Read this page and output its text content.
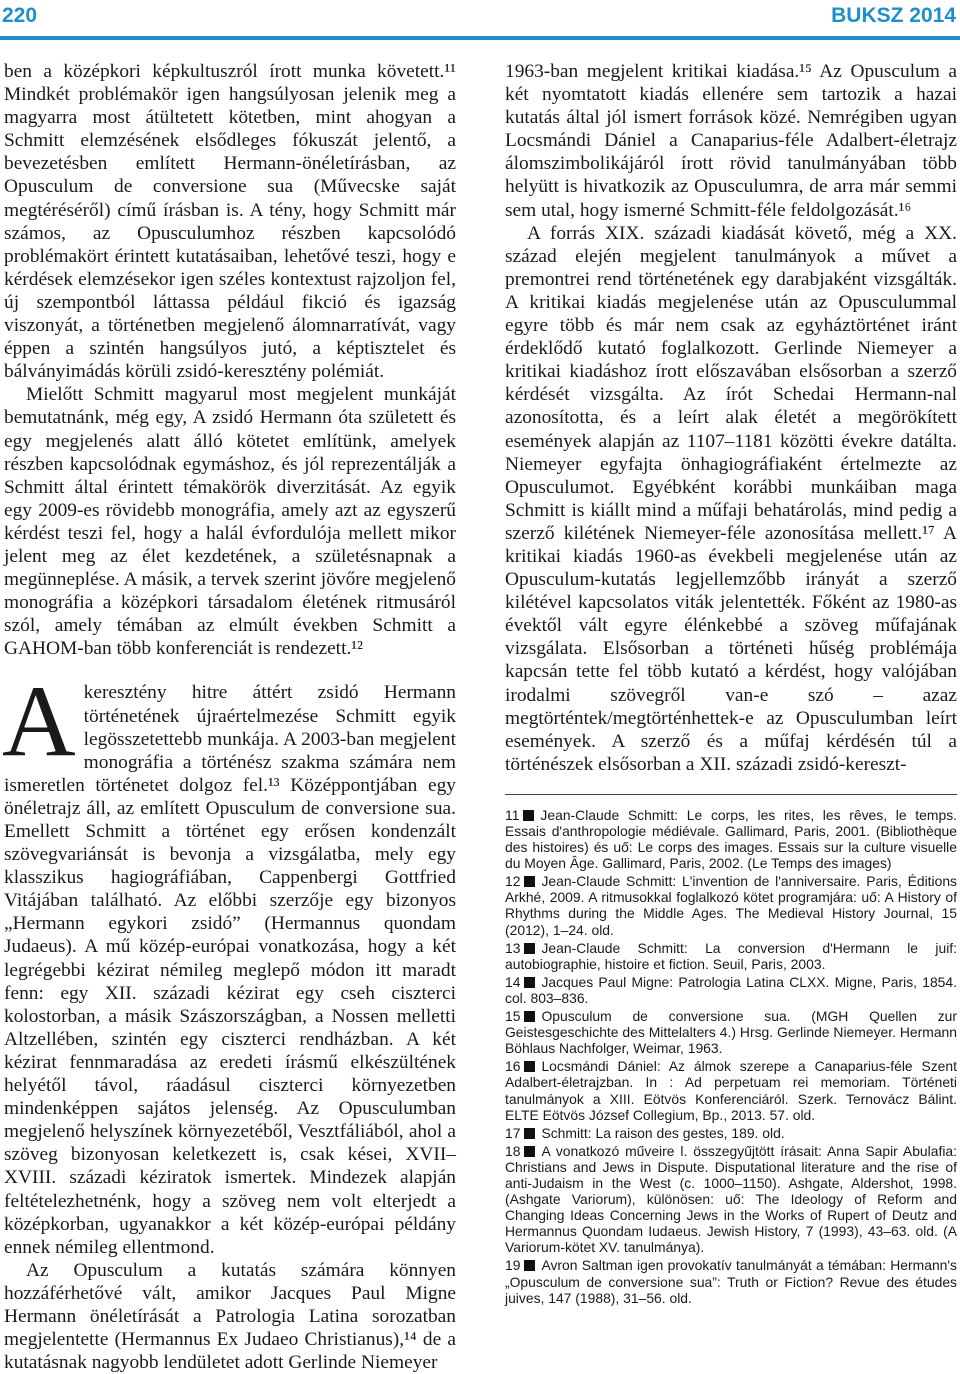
220	BUKSZ 2014

ben a középkori képkultuszról írott munka követett.¹¹ Mindkét problémakör igen hangsúlyosan jelenik meg a magyarra most átültetett kötetben, mint ahogyan a Schmitt elemzésének elsődleges fókuszát jelentő, a bevezetésben említett Hermann-önéletírásban, az Opusculum de conversione sua (Művecske saját megtéréséről) című írásban is. A tény, hogy Schmitt már számos, az Opusculumhoz részben kapcsolódó problémakört érintett kutatásaiban, lehetővé teszi, hogy e kérdések elemzésekor igen széles kontextust rajzoljon fel, új szempontból láttassa például fikció és igazság viszonyát, a történetben megjelenő álomnarratívát, vagy éppen a szintén hangsúlyos jutó, a képtisztelet és bálványimádás körüli zsidó-keresztény polémiát.

Mielőtt Schmitt magyarul most megjelent munkáját bemutatnánk, még egy, A zsidó Hermann óta született és egy megjelenés alatt álló kötetet említünk, amelyek részben kapcsolódnak egymáshoz, és jól reprezentálják a Schmitt által érintett témakörök diverzitását. Az egyik egy 2009-es rövidebb monográfia, amely azt az egyszerű kérdést teszi fel, hogy a halál évfordulója mellett mikor jelent meg az élet kezdetének, a születésnapnak a megünneplése. A másik, a tervek szerint jövőre megjelenő monográfia a középkori társadalom életének ritmusáról szól, amely témában az elmúlt években Schmitt a GAHOM-ban több konferenciát is rendezett.¹²

Akeresztény hitre áttért zsidó Hermann történetének újraértelmezése Schmitt egyik legösszetettebb munkája. A 2003-ban megjelent monográfia a történész szakma számára nem ismeretlen történetet dolgoz fel.¹³ Középpontjában egy önéletrajz áll, az említett Opusculum de conversione sua. Emellett Schmitt a történet egy erősen kondenzált szövegvariánsát is bevonja a vizsgálatba, mely egy klasszikus hagiográfiában, Cappenbergi Gottfried Vitájában található. Az előbbi szerzője egy bizonyos „Hermann egykori zsidó” (Hermannus quondam Judaeus). A mű közép-európai vonatkozása, hogy a két legrégebbi kézirat némileg meglepő módon itt maradt fenn: egy XII. századi kézirat egy cseh ciszterci kolostorban, a másik Szászországban, a Nossen melletti Altzellében, szintén egy ciszterci rendházban. A két kézirat fennmaradása az eredeti írásmű elkészültének helyétől távol, ráadásul ciszterci környezetben mindenképpen sajátos jelenség. Az Opusculumban megjelenő helyszínek környezetéből, Vesztfáliából, ahol a szöveg bizonyosan keletkezett is, csak kései, XVII–XVIII. századi kéziratok ismertek. Mindezek alapján feltételezhetnénk, hogy a szöveg nem volt elterjedt a középkorban, ugyanakkor a két közép-európai példány ennek némileg ellentmond.

Az Opusculum a kutatás számára könnyen hozzáférhetővé vált, amikor Jacques Paul Migne Hermann önéletírását a Patrologia Latina sorozatban megjelentette (Hermannus Ex Judaeo Christianus),¹⁴ de a kutatásnak nagyobb lendületet adott Gerlinde Niemeyer

1963-ban megjelent kritikai kiadása.¹⁵ Az Opusculum a két nyomtatott kiadás ellenére sem tartozik a hazai kutatás által jól ismert források közé. Nemrégiben ugyan Locsmándi Dániel a Canaparius-féle Adalbert-életrajz álomszimbolikájáról írott rövid tanulmányában több helyütt is hivatkozik az Opusculumra, de arra már semmi sem utal, hogy ismerné Schmitt-féle feldolgozását.¹⁶

A forrás XIX. századi kiadását követő, még a XX. század elején megjelent tanulmányok a művet a premontrei rend történetének egy darabjaként vizsgálták. A kritikai kiadás megjelenése után az Opusculummal egyre több és már nem csak az egyháztörténet iránt érdeklődő kutató foglalkozott. Gerlinde Niemeyer a kritikai kiadáshoz írott előszavában elsősorban a szerző kérdését vizsgálta. Az írót Schedai Hermann-nal azonosította, és a leírt alak életét a megörökített események alapján az 1107–1181 közötti évekre datálta. Niemeyer egyfajta önhagiográfiaként értelmezte az Opusculumot. Egyébként korábbi munkáiban maga Schmitt is kiállt mind a műfaji behatárolás, mind pedig a szerző kilétének Niemeyer-féle azonosítása mellett.¹⁷ A kritikai kiadás 1960-as évekbeli megjelenése után az Opusculum-kutatás legjellemzőbb irányát a szerző kilétével kapcsolatos viták jelentették. Főként az 1980-as évektől vált egyre élénkebbé a szöveg műfajának vizsgálata. Elsősorban a történeti hűség problémája kapcsán tette fel több kutató a kérdést, hogy valójában irodalmi szövegről van-e szó – azaz megtörténtek/megtörténhettek-e az Opusculumban leírt események. A szerző és a műfaj kérdésén túl a történészek elsősorban a XII. századi zsidó-kereszt-

11 Jean-Claude Schmitt: Le corps, les rites, les rêves, le temps. Essais d'anthropologie médiévale. Gallimard, Paris, 2001. (Bibliothèque des histoires) és uő: Le corps des images. Essais sur la culture visuelle du Moyen Âge. Gallimard, Paris, 2002. (Le Temps des images)
12 Jean-Claude Schmitt: L'invention de l'anniversaire. Paris, Éditions Arkhé, 2009. A ritmusokkal foglalkozó kötet programjára: uő: A History of Rhythms during the Middle Ages. The Medieval History Journal, 15 (2012), 1–24. old.
13 Jean-Claude Schmitt: La conversion d'Hermann le juif: autobiographie, histoire et fiction. Seuil, Paris, 2003.
14 Jacques Paul Migne: Patrologia Latina CLXX. Migne, Paris, 1854. col. 803–836.
15 Opusculum de conversione sua. (MGH Quellen zur Geistesgeschichte des Mittelalters 4.) Hrsg. Gerlinde Niemeyer. Hermann Böhlaus Nachfolger, Weimar, 1963.
16 Locsmándi Dániel: Az álmok szerepe a Canaparius-féle Szent Adalbert-életrajzban. In : Ad perpetuam rei memoriam. Történeti tanulmányok a XIII. Eötvös Konferenciáról. Szerk. Ternovácz Bálint. ELTE Eötvös József Collegium, Bp., 2013. 57. old.
17 Schmitt: La raison des gestes, 189. old.
18 A vonatkozó műveire l. összegyűjtött írásait: Anna Sapir Abulafia: Christians and Jews in Dispute. Disputational literature and the rise of anti-Judaism in the West (c. 1000–1150). Ashgate, Aldershot, 1998. (Ashgate Variorum), különösen: uő: The Ideology of Reform and Changing Ideas Concerning Jews in the Works of Rupert of Deutz and Hermannus Quondam Iudaeus. Jewish History, 7 (1993), 43–63. old. (A Variorum-kötet XV. tanulmánya).
19 Avron Saltman igen provokatív tanulmányát a témában: Hermann's „Opusculum de conversione sua”: Truth or Fiction? Revue des études juives, 147 (1988), 31–56. old.
